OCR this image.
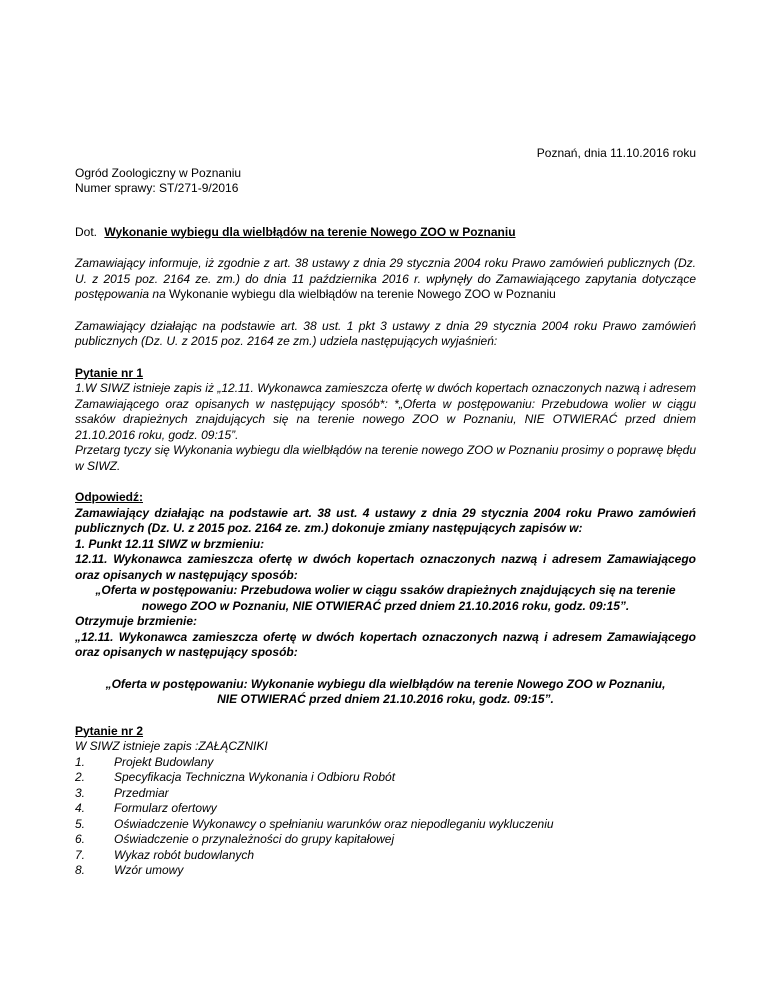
Poznań, dnia 11.10.2016 roku

Ogród Zoologiczny w Poznaniu
Numer sprawy: ST/271-9/2016

Dot. Wykonanie wybiegu dla wielbłądów na terenie Nowego ZOO w Poznaniu

Zamawiający informuje, iż zgodnie z art. 38 ustawy z dnia 29 stycznia 2004 roku Prawo zamówień publicznych (Dz. U. z 2015 poz. 2164 ze. zm.) do dnia 11 października 2016 r. wpłynęły do Zamawiającego zapytania dotyczące postępowania na Wykonanie wybiegu dla wielbłądów na terenie Nowego ZOO w Poznaniu

Zamawiający działając na podstawie art. 38 ust. 1 pkt 3 ustawy z dnia 29 stycznia 2004 roku Prawo zamówień publicznych (Dz. U. z 2015 poz. 2164 ze zm.) udziela następujących wyjaśnień:

Pytanie nr 1

1.W SIWZ istnieje zapis iż „12.11. Wykonawca zamieszcza ofertę w dwóch kopertach oznaczonych nazwą i adresem Zamawiającego oraz opisanych w następujący sposób*: *„Oferta w postępowaniu: Przebudowa wolier w ciągu ssaków drapieżnych znajdujących się na terenie nowego ZOO w Poznaniu, NIE OTWIERAĆ przed dniem 21.10.2016 roku, godz. 09:15”.

Przetarg tyczy się Wykonania wybiegu dla wielbłądów na terenie nowego ZOO w Poznaniu prosimy o poprawę błędu w SIWZ.

Odpowiedź:

Zamawiający działając na podstawie art. 38 ust. 4 ustawy z dnia 29 stycznia 2004 roku Prawo zamówień publicznych (Dz. U. z 2015 poz. 2164 ze. zm.) dokonuje zmiany następujących zapisów w:

1. Punkt 12.11 SIWZ w brzmieniu:

12.11. Wykonawca zamieszcza ofertę w dwóch kopertach oznaczonych nazwą i adresem Zamawiającego oraz opisanych w następujący sposób:

„Oferta w postępowaniu: Przebudowa wolier w ciągu ssaków drapieżnych znajdujących się na terenie nowego ZOO w Poznaniu, NIE OTWIERAĆ przed dniem 21.10.2016 roku, godz. 09:15”.

Otrzymuje brzmienie:

„12.11. Wykonawca zamieszcza ofertę w dwóch kopertach oznaczonych nazwą i adresem Zamawiającego oraz opisanych w następujący sposób:

„Oferta w postępowaniu: Wykonanie wybiegu dla wielbłądów na terenie Nowego ZOO w Poznaniu, NIE OTWIERAĆ przed dniem 21.10.2016 roku, godz. 09:15”.

Pytanie nr 2

W SIWZ istnieje zapis :ZAŁĄCZNIKI

1.	Projekt Budowlany
2.	Specyfikacja Techniczna Wykonania i Odbioru Robót
3.	Przedmiar
4.	Formularz ofertowy
5.	Oświadczenie Wykonawcy o spełnianiu warunków oraz niepodleganiu wykluczeniu
6.	Oświadczenie o przynależności do grupy kapitałowej
7.	Wykaz robót budowlanych
8.	Wzór umowy
